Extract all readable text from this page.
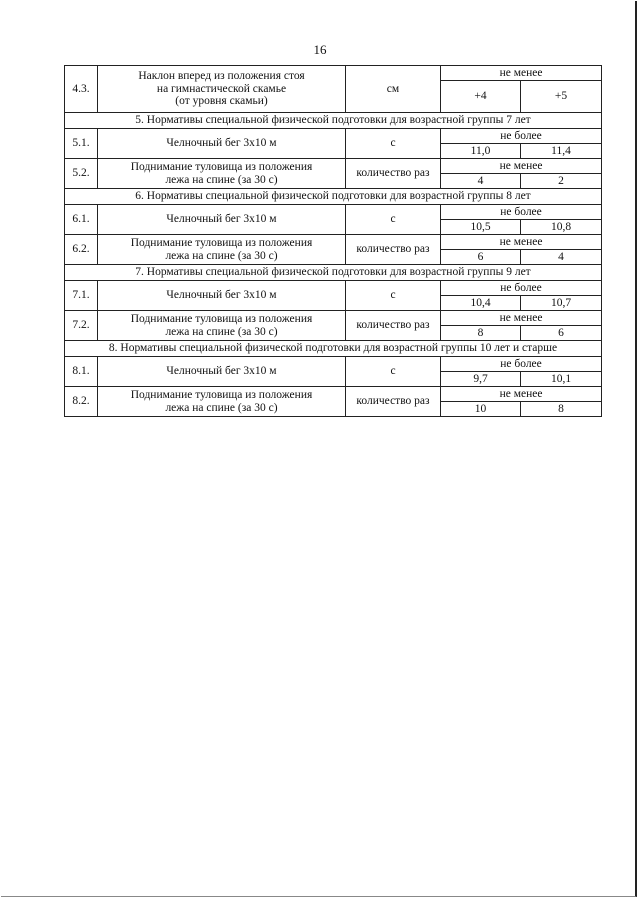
16
4.3.	Наклон вперед из положения стоя
на гимнастической скамье
(от уровня скамьи)	см	не менее	
			+4	+5
5. Нормативы специальной физической подготовки для возрастной группы 7 лет				
5.1.	Челночный бег 3х10 м	с	не более	
			11,0	11,4
5.2.	Поднимание туловища из положения
лежа на спине (за 30 с)	количество раз	не менее	
			4	2
6. Нормативы специальной физической подготовки для возрастной группы 8 лет				
6.1.	Челночный бег 3х10 м	с	не более	
			10,5	10,8
6.2.	Поднимание туловища из положения
лежа на спине (за 30 с)	количество раз	не менее	
			6	4
7. Нормативы специальной физической подготовки для возрастной группы 9 лет				
7.1.	Челночный бег 3х10 м	с	не более	
			10,4	10,7
7.2.	Поднимание туловища из положения
лежа на спине (за 30 с)	количество раз	не менее	
			8	6
8. Нормативы специальной физической подготовки для возрастной группы 10 лет и старше				
8.1.	Челночный бег 3х10 м	с	не более	
			9,7	10,1
8.2.	Поднимание туловища из положения
лежа на спине (за 30 с)	количество раз	не менее	
			10	8
